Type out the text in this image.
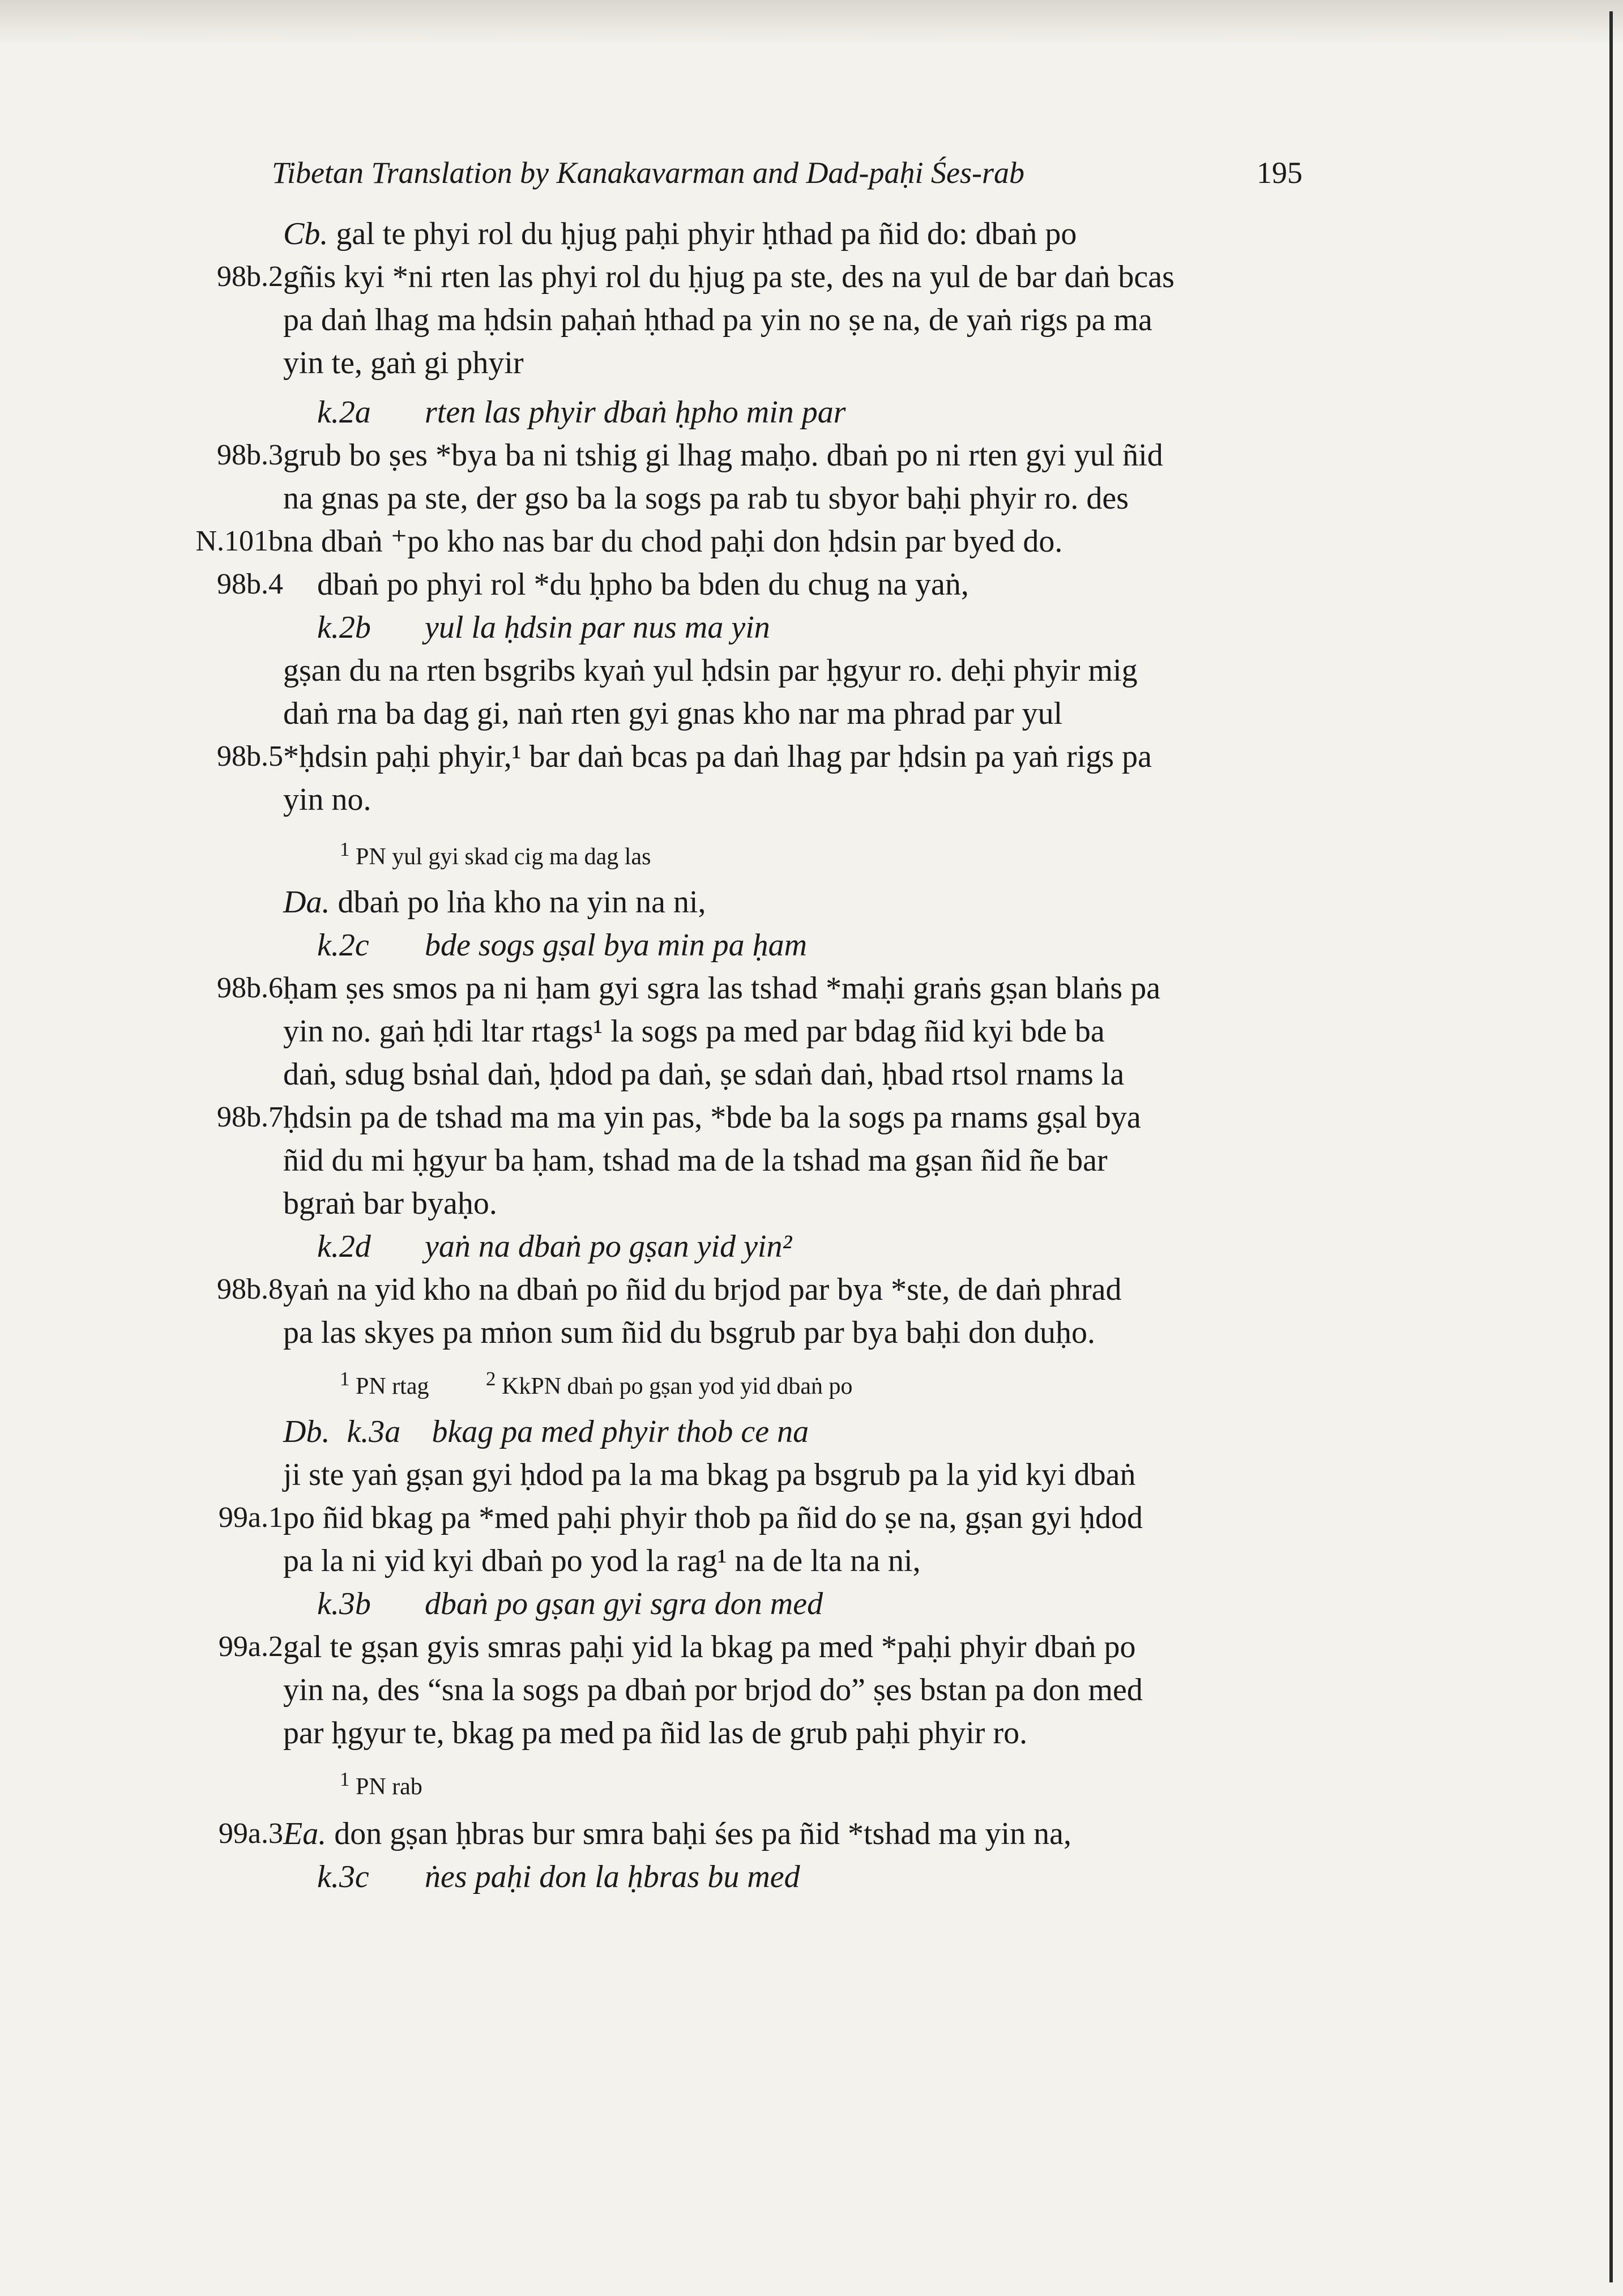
Tibetan Translation by Kanakavarman and Dad-paḥi Śes-rab	195
Cb. gal te phyi rol du ḥjug paḥi phyir ḥthad pa ñid do: dbaṅ po
98b.2 gñis kyi *ni rten las phyi rol du ḥjug pa ste, des na yul de bar daṅ bcas
pa daṅ lhag ma ḥdsin paḥaṅ ḥthad pa yin no ṣe na, de yaṅ rigs pa ma
yin te, gaṅ gi phyir
k.2a rten las phyir dbaṅ ḥpho min par
98b.3 grub bo ṣes *bya ba ni tshig gi lhag maḥo. dbaṅ po ni rten gyi yul ñid
na gnas pa ste, der gso ba la sogs pa rab tu sbyor baḥi phyir ro. des
N.101b na dbaṅ ⁺po kho nas bar du chod paḥi don ḥdsin par byed do.
98b.4 dbaṅ po phyi rol *du ḥpho ba bden du chug na yaṅ,
k.2b yul la ḥdsin par nus ma yin
gṣan du na rten bsgribs kyaṅ yul ḥdsin par ḥgyur ro. deḥi phyir mig
daṅ rna ba dag gi, naṅ rten gyi gnas kho nar ma phrad par yul
98b.5 *ḥdsin paḥi phyir,¹ bar daṅ bcas pa daṅ lhag par ḥdsin pa yaṅ rigs pa
yin no.
$^1$ PN yul gyi skad cig ma dag las
Da. dbaṅ po lṅa kho na yin na ni,
k.2c bde sogs gṣal bya min pa ḥam
98b.6 ḥam ṣes smos pa ni ḥam gyi sgra las tshad *maḥi graṅs gṣan blaṅs pa
yin no. gaṅ ḥdi ltar rtags¹ la sogs pa med par bdag ñid kyi bde ba
daṅ, sdug bsṅal daṅ, ḥdod pa daṅ, ṣe sdaṅ daṅ, ḥbad rtsol rnams la
98b.7 ḥdsin pa de tshad ma ma yin pas, *bde ba la sogs pa rnams gṣal bya
ñid du mi ḥgyur ba ḥam, tshad ma de la tshad ma gṣan ñid ñe bar
bgraṅ bar byaḥo.
k.2d yaṅ na dbaṅ po gṣan yid yin²
98b.8 yaṅ na yid kho na dbaṅ po ñid du brjod par bya *ste, de daṅ phrad
pa las skyes pa mṅon sum ñid du bsgrub par bya baḥi don duḥo.
$^1$ PN rtag	$^2$ KkPN dbaṅ po gṣan yod yid dbaṅ po
Db. k.3a bkag pa med phyir thob ce na
ji ste yaṅ gṣan gyi ḥdod pa la ma bkag pa bsgrub pa la yid kyi dbaṅ
99a.1 po ñid bkag pa *med paḥi phyir thob pa ñid do ṣe na, gṣan gyi ḥdod
pa la ni yid kyi dbaṅ po yod la rag¹ na de lta na ni,
k.3b dbaṅ po gṣan gyi sgra don med
99a.2 gal te gṣan gyis smras paḥi yid la bkag pa med *paḥi phyir dbaṅ po
yin na, des “sna la sogs pa dbaṅ por brjod do” ṣes bstan pa don med
par ḥgyur te, bkag pa med pa ñid las de grub paḥi phyir ro.
$^1$ PN rab
99a.3 Ea. don gṣan ḥbras bur smra baḥi śes pa ñid *tshad ma yin na,
k.3c ṅes paḥi don la ḥbras bu med
